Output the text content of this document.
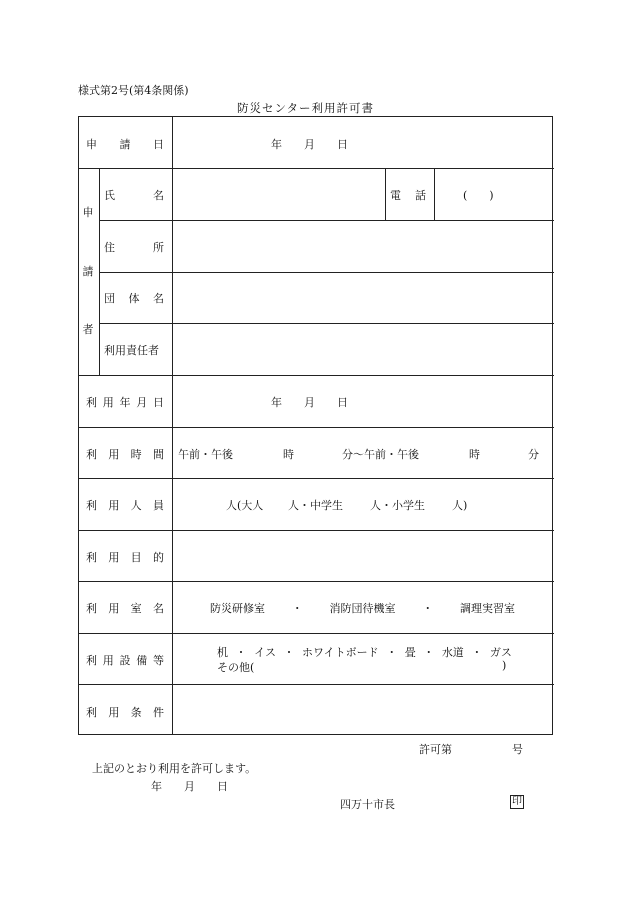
様式第2号(第4条関係)
防災センター利用許可書
申 請 日	年　　月　　日
申
請
者
氏	名	電 話	(　　)
住	所
団 体 名
利用責任者
利 用 年 月 日	年　　月　　日
利 用 時 間 午前・午後	時	分〜午前・午後	時	分
利 用 人 員	人(大人 人・中学生 人・小学生 人)
利 用 目 的
利 用 室 名	防災研修室 ・ 消防団待機室 ・ 調理実習室
利 用 設 備 等
机 ・ イス ・ ホワイトボード ・ 畳 ・ 水道 ・ ガス
その他(	)
利 用 条 件
許可第	号
上記のとおり利用を許可します。
年　　月　　日
四万十市長	印
